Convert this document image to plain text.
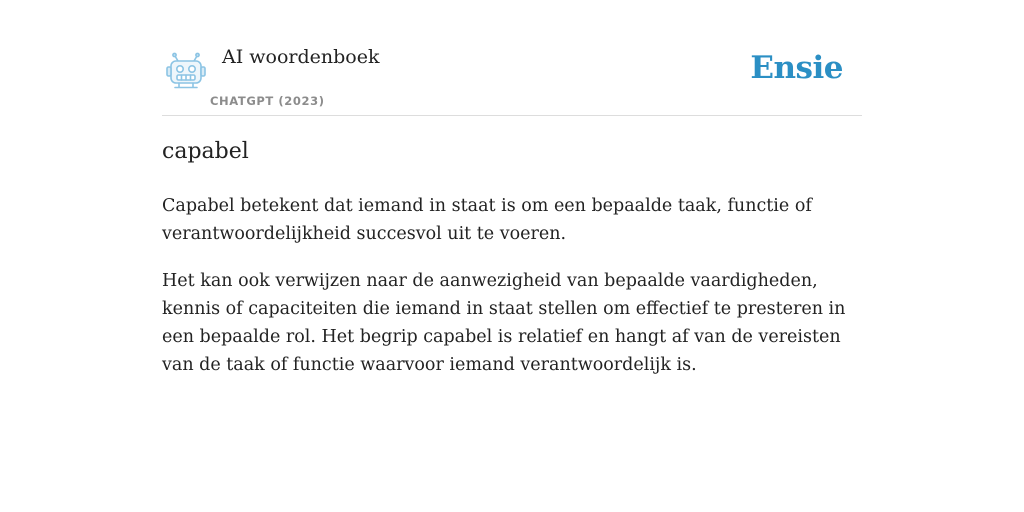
AI woordenboek
CHATGPT (2023)
Ensie
capabel

Capabel betekent dat iemand in staat is om een bepaalde taak, functie of verantwoordelijkheid succesvol uit te voeren.

Het kan ook verwijzen naar de aanwezigheid van bepaalde vaardigheden, kennis of capaciteiten die iemand in staat stellen om effectief te presteren in een bepaalde rol. Het begrip capabel is relatief en hangt af van de vereisten van de taak of functie waarvoor iemand verantwoordelijk is.
